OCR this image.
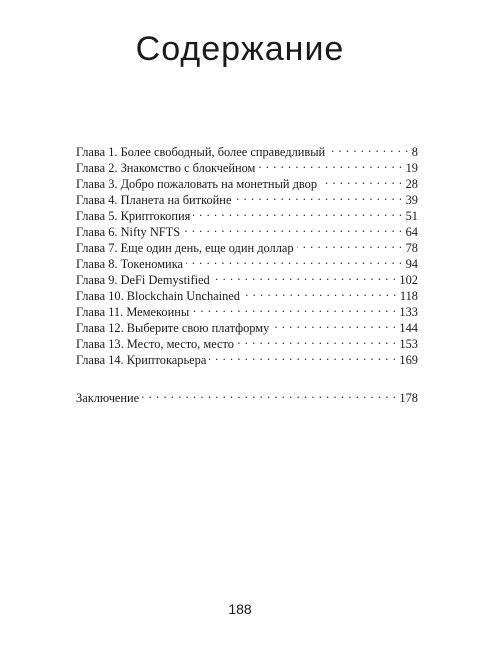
Содержание
Глава 1. Более свободный, более справедливый . . .	8
Глава 2. Знакомство с блокчейном . . .	19
Глава 3. Добро пожаловать на монетный двор . . .	28
Глава 4. Планета на биткойне . . .	39
Глава 5. Криптокопия . . .	51
Глава 6. Nifty NFTS . . .	64
Глава 7. Еще один день, еще один доллар . . .	78
Глава 8. Токеномика . . .	94
Глава 9. DeFi Demystified . . .	102
Глава 10. Blockchain Unchained . . .	118
Глава 11. Мемекоины . . .	133
Глава 12. Выберите свою платформу . . .	144
Глава 13. Место, место, место . . .	153
Глава 14. Криптокарьера . . .	169
Заключение . . .	178
188
